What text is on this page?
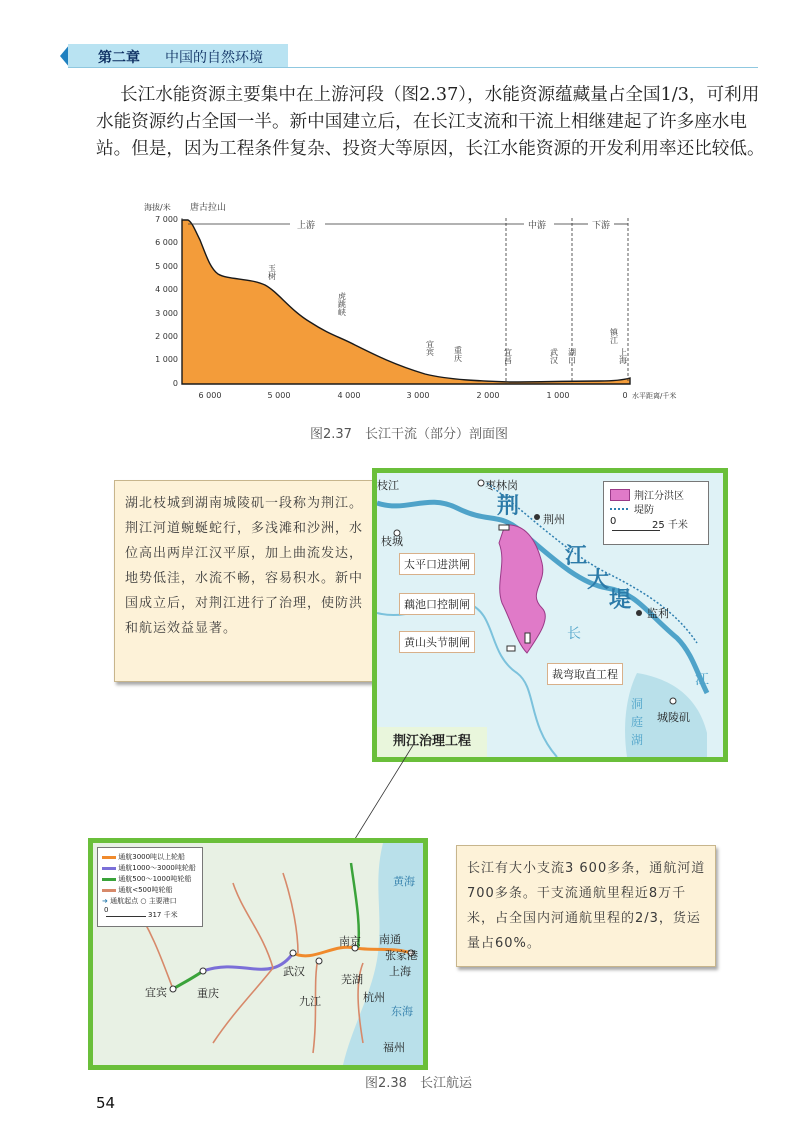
第二章 中国的自然环境
长江水能资源主要集中在上游河段（图2.37），水能资源蕴藏量占全国1/3，可利用水能资源约占全国一半。新中国建立后，在长江支流和干流上相继建起了许多座水电站。但是，因为工程条件复杂、投资大等原因，长江水能资源的开发利用率还比较低。
海拔/米 唐古拉山
7 000
6 000
5 000
4 000
3 000
2 000
1 000
0
上游	中游	下游
玉树
虎跳峡
宜宾 重庆	宜昌	武汉 湖口
镇江
上海
6 000	5 000	4 000	3 000	2 000	1 000	0 水平距离/千米
图2.37　长江干流（部分）剖面图
湖北枝城到湖南城陵矶一段称为荆江。荆江河道蜿蜒蛇行，多浅滩和沙洲，水位高出两岸江汉平原，加上曲流发达，地势低洼，水流不畅，容易积水。新中国成立后，对荆江进行了治理，使防洪和航运效益显著。
枝江	枣林岗
枝城
荆州
监利
城陵矶
荆
江
大
堤
长
江
洞
庭
湖
太平口进洪闸
藕池口控制闸
黄山头节制闸
裁弯取直工程
荆江分洪区
堤防
0	25 千米
荆江治理工程
通航3000吨以上轮船
通航1000～3000吨轮船
通航500～1000吨轮船
通航<500吨轮船
➜ 通航起点 ○ 主要港口
0
317 千米
宜宾	重庆
武汉
九江
南京
芜湖
杭州
上海
南通
张家港
福州
黄海
东海
长江有大小支流3 600多条，通航河道700多条。干支流通航里程近8万千米，占全国内河通航里程的2/3，货运量占60%。
图2.38　长江航运
54
